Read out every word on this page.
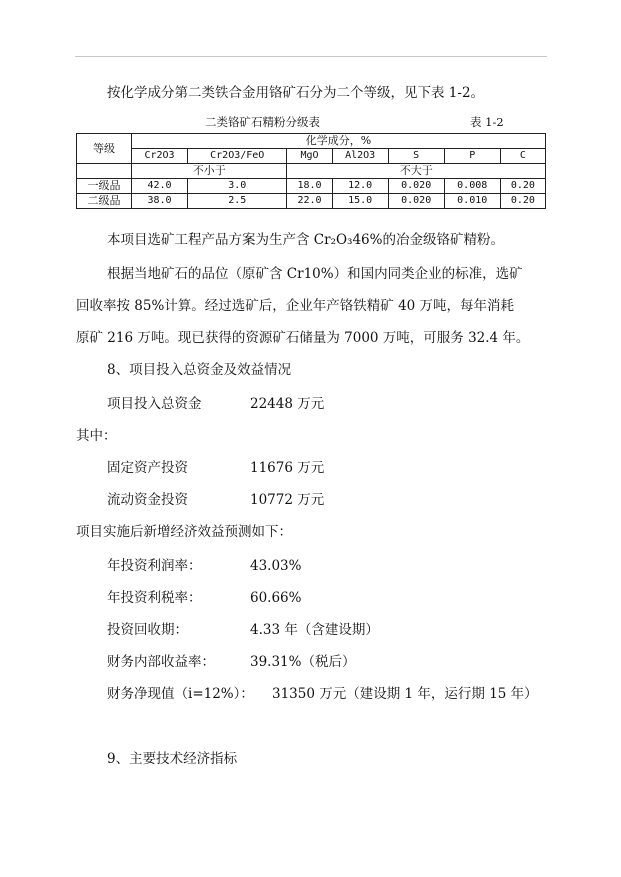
按化学成分第二类铁合金用铬矿石分为二个等级，见下表 1-2。
二类铬矿石精粉分级表	表 1-2
等级	化学成分，%						
	Cr2O3	Cr2O3/FeO	MgO	Al2O3	S	P	C
	不小于		不大于				
一级品	42.0	3.0	18.0	12.0	0.020	0.008	0.20
二级品	38.0	2.5	22.0	15.0	0.020	0.010	0.20
本项目选矿工程产品方案为生产含 Cr₂O₃46%的冶金级铬矿精粉。
根据当地矿石的品位（原矿含 Cr10%）和国内同类企业的标准，选矿
回收率按 85%计算。经过选矿后，企业年产铬铁精矿 40 万吨，每年消耗
原矿 216 万吨。现已获得的资源矿石储量为 7000 万吨，可服务 32.4 年。
8、项目投入总资金及效益情况
项目投入总资金	22448 万元
其中：
固定资产投资	11676 万元
流动资金投资	10772 万元
项目实施后新增经济效益预测如下：
年投资利润率：	43.03%
年投资利税率：	60.66%
投资回收期：	4.33 年（含建设期）
财务内部收益率：	39.31%（税后）
财务净现值（i=12%）： 31350 万元（建设期 1 年，运行期 15 年）
9、主要技术经济指标
